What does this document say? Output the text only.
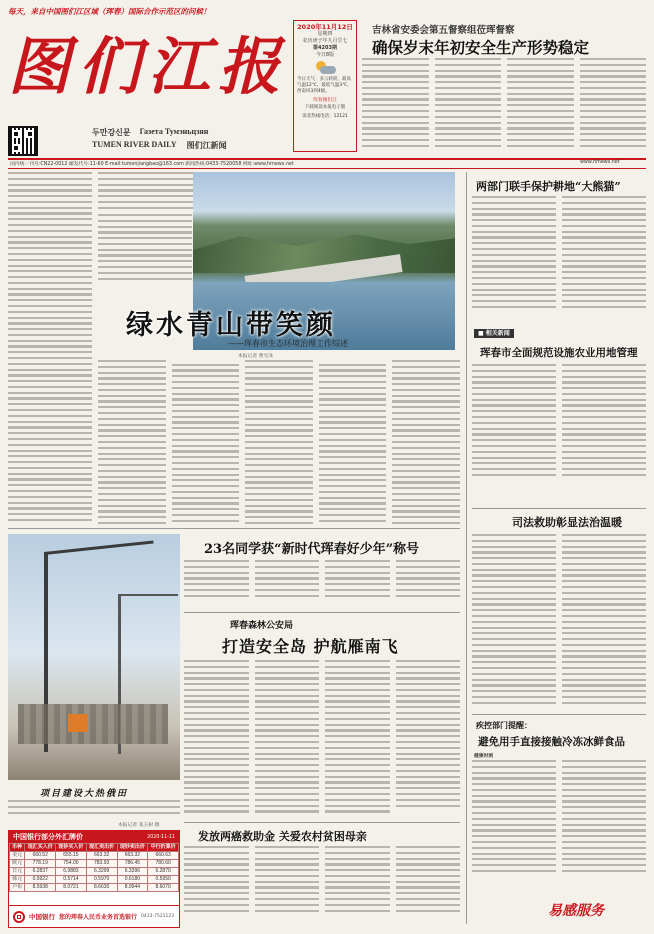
每天，来自中国图们江区域（珲春）国际合作示范区的问候！
图们江报
두만강신문 Газета Тумэньцзян
TUMEN RIVER DAILY 图们江新闻
2020年11月12日
星期四
农历庚子年九月廿七
第4203期
今日8版
今日天气：多云转阴，最高气温12℃，最低气温3℃，西南风3到4级。
珲春图们江
下载阅读本报电子版
读者热线电话：12121
国内统一刊号:CN22-0012 邮发代号:11-60 E-mail:tumenjiangbao@163.com 新闻热线:0433-7520058 网址:www.hrnews.net	www.hrnews.net
吉林省安委会第五督察组莅珲督察
确保岁末年初安全生产形势稳定
绿水青山带笑颜
——珲春市生态环境治理工作综述
本报记者 曹光洙
两部门联手保护耕地“大熊猫”
■ 相关新闻
珲春市全面规范设施农业用地管理
司法救助彰显法治温暖
疾控部门提醒：
避免用手直接接触冷冻冰鲜食品
健康时刻
易感服务
23名同学获“新时代珲春好少年”称号
项目建设大热俄田
本报记者 张玉树 摄
珲春森林公安局
打造安全岛 护航雁南飞
发放两癌救助金 关爱农村贫困母亲
中国银行部分外汇牌价	2020-11-11
币种	现汇买入价	现钞买入价	现汇卖出价	现钞卖出价	中行折算价
美元	660.52	655.15	663.32	663.32	660.63
欧元	778.19	754.00	783.93	786.45	780.60
日元	6.2837	6.0883	6.3299	6.3396	6.2870
韩元	0.5922	0.5714	0.5970	0.6180	0.5950
卢布	8.5938	8.0721	8.6630	8.9944	8.6070
中国银行 您的珲春人民币业务首选银行 0433-7521123
